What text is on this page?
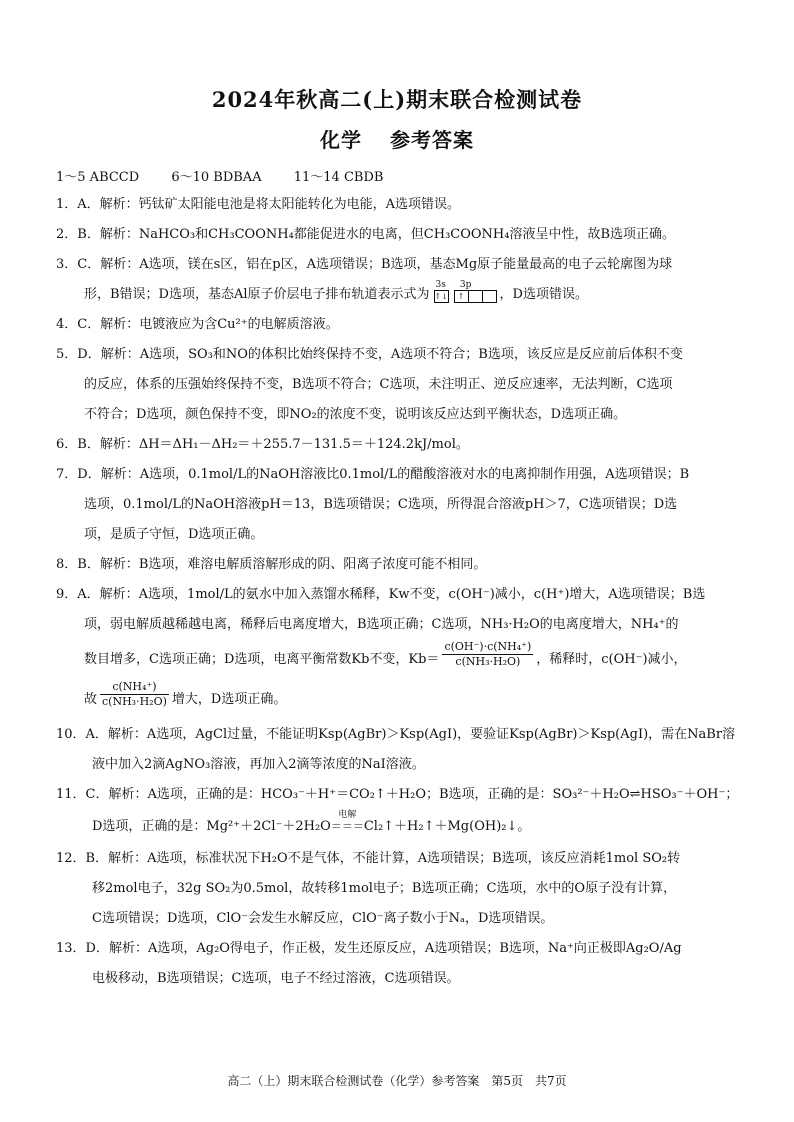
2024年秋高二(上)期末联合检测试卷
化学 参考答案
1～5 ABCCD 6～10 BDBAA 11～14 CBDB
1．A．解析：钙钛矿太阳能电池是将太阳能转化为电能，A选项错误。
2．B．解析：NaHCO₃和CH₃COONH₄都能促进水的电离，但CH₃COONH₄溶液呈中性，故B选项正确。
3．C．解析：A选项，镁在s区，铝在p区，A选项错误；B选项，基态Mg原子能量最高的电子云轮廓图为球
形，B错误；D选项，基态Al原子价层电子排布轨道表示式为
3s 3p
↑↓	↑	，D选项错误。
4．C．解析：电镀液应为含Cu²⁺的电解质溶液。
5．D．解析：A选项，SO₃和NO的体积比始终保持不变，A选项不符合；B选项，该反应是反应前后体积不变
的反应，体系的压强始终保持不变，B选项不符合；C选项，未注明正、逆反应速率，无法判断，C选项
不符合；D选项，颜色保持不变，即NO₂的浓度不变，说明该反应达到平衡状态，D选项正确。
6．B．解析：ΔH＝ΔH₁－ΔH₂＝＋255.7－131.5＝＋124.2kJ/mol。
7．D．解析：A选项，0.1mol/L的NaOH溶液比0.1mol/L的醋酸溶液对水的电离抑制作用强，A选项错误；B
选项，0.1mol/L的NaOH溶液pH＝13，B选项错误；C选项，所得混合溶液pH＞7，C选项错误；D选
项，是质子守恒，D选项正确。
8．B．解析：B选项，难溶电解质溶解形成的阴、阳离子浓度可能不相同。
9．A．解析：A选项，1mol/L的氨水中加入蒸馏水稀释，Kw不变，c(OH⁻)减小，c(H⁺)增大，A选项错误；B选
项，弱电解质越稀越电离，稀释后电离度增大，B选项正确；C选项，NH₃·H₂O的电离度增大，NH₄⁺的
数目增多，C选项正确；D选项，电离平衡常数Kb不变，$Kb= \frac{\text{c(OH⁻)·c(NH₄⁺)}}{\text{c(NH₃·H₂O)}}$ ，稀释时，c(OH⁻)减小，
故 $\frac{\text{c(NH₄⁺)}}{\text{c(NH₃·H₂O)}}$ 增大，D选项正确。
10．A．解析：A选项，AgCl过量，不能证明Ksp(AgBr)＞Ksp(AgI)，要验证Ksp(AgBr)＞Ksp(AgI)，需在NaBr溶
液中加入2滴AgNO₃溶液，再加入2滴等浓度的NaI溶液。
11．C．解析：A选项，正确的是：HCO₃⁻＋H⁺＝CO₂↑＋H₂O；B选项，正确的是：SO₃²⁻＋H₂O⇌HSO₃⁻＋OH⁻；
D选项，正确的是：Mg²⁺＋2Cl⁻＋2H₂O
电解
＝＝＝ Cl₂↑＋H₂↑＋Mg(OH)₂↓。
12．B．解析：A选项，标准状况下H₂O不是气体，不能计算，A选项错误；B选项，该反应消耗1mol SO₂转
移2mol电子，32g SO₂为0.5mol，故转移1mol电子；B选项正确；C选项，水中的O原子没有计算，
C选项错误；D选项，ClO⁻会发生水解反应，ClO⁻离子数小于Nₐ，D选项错误。
13．D．解析：A选项，Ag₂O得电子，作正极，发生还原反应，A选项错误；B选项，Na⁺向正极即Ag₂O/Ag
电极移动，B选项错误；C选项，电子不经过溶液，C选项错误。
高二（上）期末联合检测试卷（化学）参考答案　第5页　共7页
